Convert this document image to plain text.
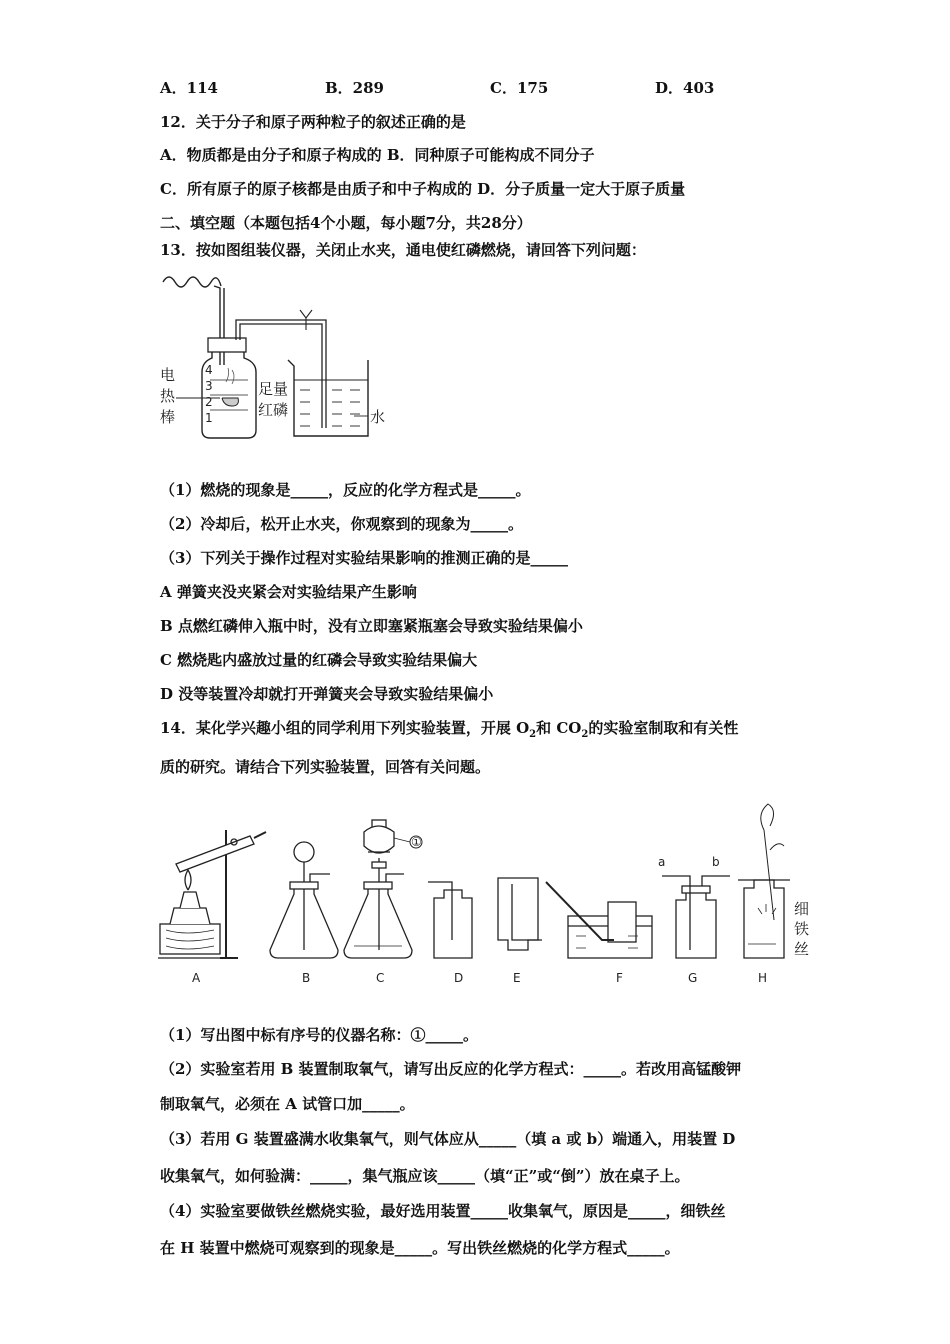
A．114	B．289	C．175	D．403
12．关于分子和原子两种粒子的叙述正确的是
A．物质都是由分子和原子构成的 B．同种原子可能构成不同分子
C．所有原子的原子核都是由质子和中子构成的 D．分子质量一定大于原子质量
二、填空题（本题包括4个小题，每小题7分，共28分）
13．按如图组装仪器，关闭止水夹，通电使红磷燃烧，请回答下列问题：
电
热
棒
4
3
2
1
足量
红磷	水
（1）燃烧的现象是_____，反应的化学方程式是_____。
（2）冷却后，松开止水夹，你观察到的现象为_____。
（3）下列关于操作过程对实验结果影响的推测正确的是_____
A 弹簧夹没夹紧会对实验结果产生影响
B 点燃红磷伸入瓶中时，没有立即塞紧瓶塞会导致实验结果偏小
C 燃烧匙内盛放过量的红磷会导致实验结果偏大
D 没等装置冷却就打开弹簧夹会导致实验结果偏小
14．某化学兴趣小组的同学利用下列实验装置，开展 $O_2$和 $CO_2$的实验室制取和有关性
质的研究。请结合下列实验装置，回答有关问题。
①
a	b
细
铁
丝
A	B	C	D	E	F	G	H
（1）写出图中标有序号的仪器名称：①_____。
（2）实验室若用 B 装置制取氧气，请写出反应的化学方程式：_____。若改用高锰酸钾
制取氧气，必须在 A 试管口加_____。
（3）若用 G 装置盛满水收集氧气，则气体应从_____（填 a 或 b）端通入，用装置 D
收集氧气，如何验满：_____，集气瓶应该_____（填“正”或“倒”）放在桌子上。
（4）实验室要做铁丝燃烧实验，最好选用装置_____收集氧气，原因是_____，细铁丝
在 H 装置中燃烧可观察到的现象是_____。写出铁丝燃烧的化学方程式_____。
